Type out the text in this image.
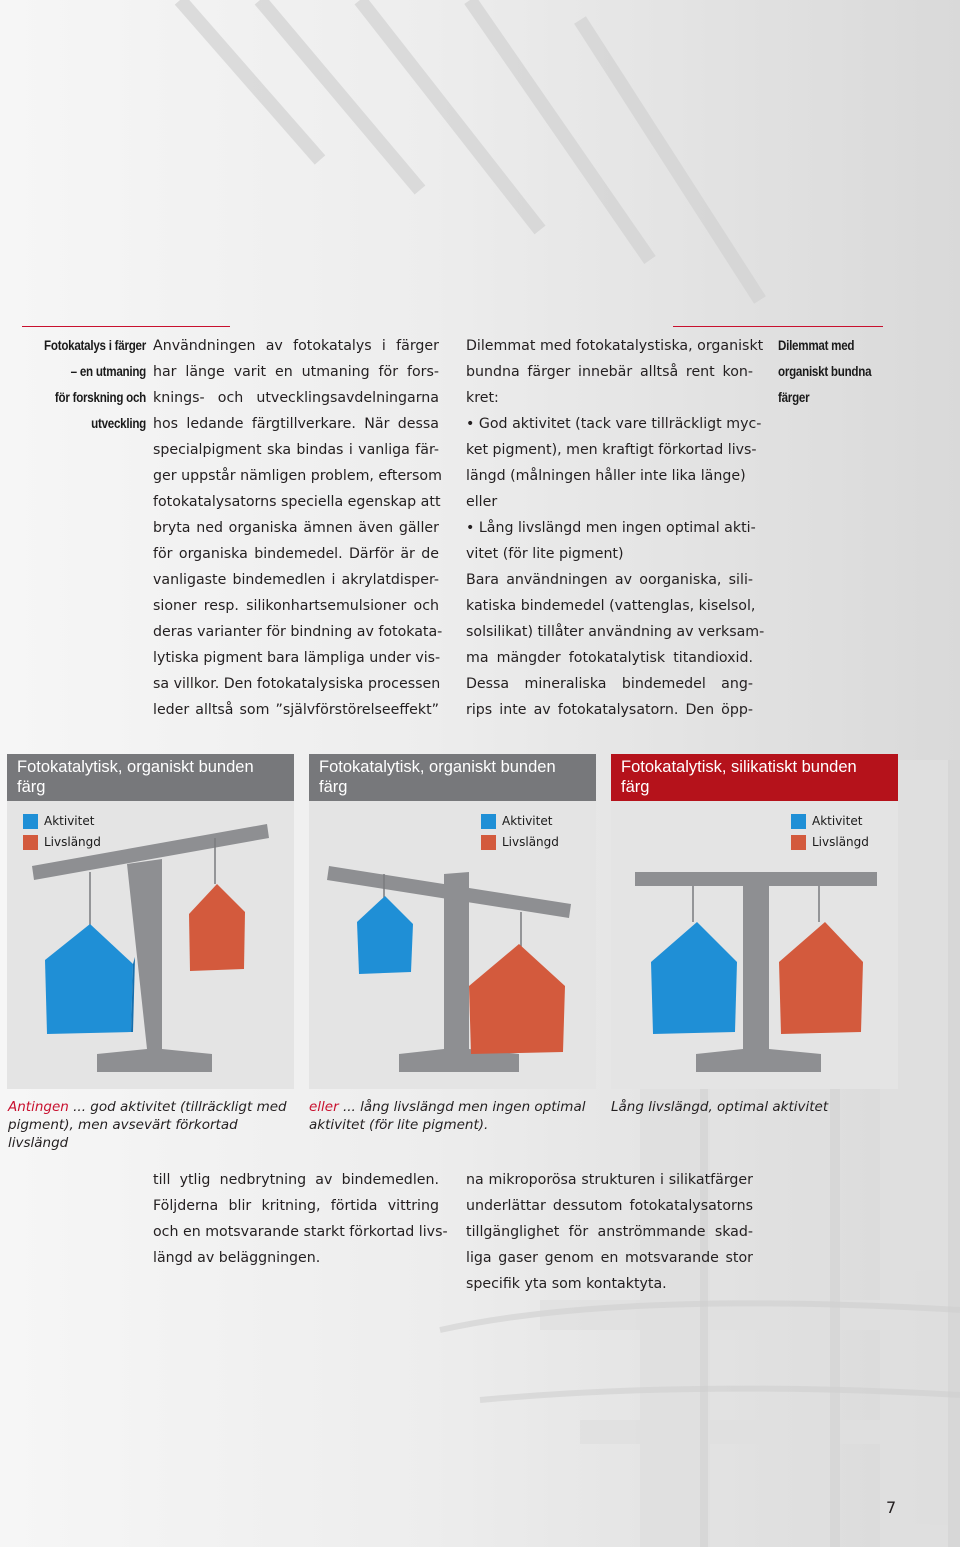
Fotokatalys i färger
– en utmaning
för forskning och
utveckling
Dilemmat med
organiskt bundna
färger
Användningen av fotokatalys i färger
har länge varit en utmaning för fors-
knings- och utvecklingsavdelningarna
hos ledande färgtillverkare. När dessa
specialpigment ska bindas i vanliga fär-
ger uppstår nämligen problem, eftersom
fotokatalysatorns speciella egenskap att
bryta ned organiska ämnen även gäller
för organiska bindemedel. Därför är de
vanligaste bindemedlen i akrylatdisper-
sioner resp. silikonhartsemulsioner och
deras varianter för bindning av fotokata-
lytiska pigment bara lämpliga under vis-
sa villkor. Den fotokatalysiska processen
leder alltså som ”självförstörelseeffekt”
Dilemmat med fotokatalystiska, organiskt
bundna färger innebär alltså rent kon-
kret:
• God aktivitet (tack vare tillräckligt myc-
ket pigment), men kraftigt förkortad livs-
längd (målningen håller inte lika länge)
eller
• Lång livslängd men ingen optimal akti-
vitet (för lite pigment)
Bara användningen av oorganiska, sili-
katiska bindemedel (vattenglas, kiselsol,
solsilikat) tillåter användning av verksam-
ma mängder fotokatalytisk titandioxid.
Dessa mineraliska bindemedel ang-
rips inte av fotokatalysatorn. Den öpp-
Fotokatalytisk, organiskt bunden färg
Aktivitet
Livslängd
Fotokatalytisk, organiskt bunden färg
Aktivitet
Livslängd
Fotokatalytisk, silikatiskt bunden färg
Aktivitet
Livslängd
Antingen ... god aktivitet (tillräckligt med pigment), men avsevärt förkortad livslängd
eller ... lång livslängd men ingen optimal aktivitet (för lite pigment).
Lång livslängd, optimal aktivitet
till ytlig nedbrytning av bindemedlen.
Följderna blir kritning, förtida vittring
och en motsvarande starkt förkortad livs-
längd av beläggningen.
na mikroporösa strukturen i silikatfärger
underlättar dessutom fotokatalysatorns
tillgänglighet för anströmmande skad-
liga gaser genom en motsvarande stor
specifik yta som kontaktyta.
7
